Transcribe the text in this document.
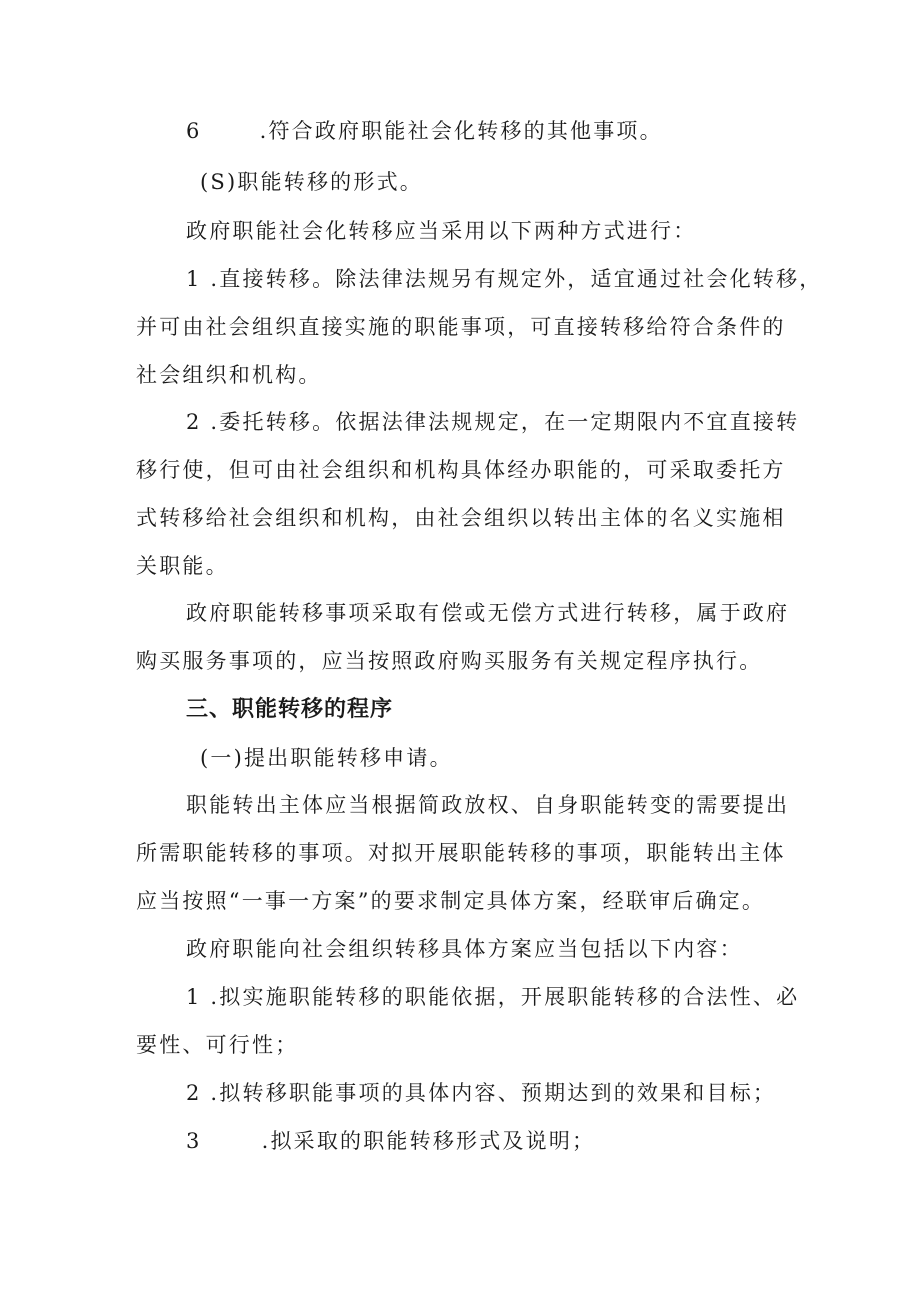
6	.符合政府职能社会化转移的其他事项。
(S)职能转移的形式。
政府职能社会化转移应当采用以下两种方式进行：
1 .直接转移。除法律法规另有规定外，适宜通过社会化转移，
并可由社会组织直接实施的职能事项，可直接转移给符合条件的
社会组织和机构。
2 .委托转移。依据法律法规规定，在一定期限内不宜直接转
移行使，但可由社会组织和机构具体经办职能的，可采取委托方
式转移给社会组织和机构，由社会组织以转出主体的名义实施相
关职能。
政府职能转移事项采取有偿或无偿方式进行转移，属于政府
购买服务事项的，应当按照政府购买服务有关规定程序执行。
三、职能转移的程序
(一)提出职能转移申请。
职能转出主体应当根据简政放权、自身职能转变的需要提出
所需职能转移的事项。对拟开展职能转移的事项，职能转出主体
应当按照“一事一方案”的要求制定具体方案，经联审后确定。
政府职能向社会组织转移具体方案应当包括以下内容：
1 .拟实施职能转移的职能依据，开展职能转移的合法性、必
要性、可行性；
2 .拟转移职能事项的具体内容、预期达到的效果和目标；
3	.拟采取的职能转移形式及说明；
